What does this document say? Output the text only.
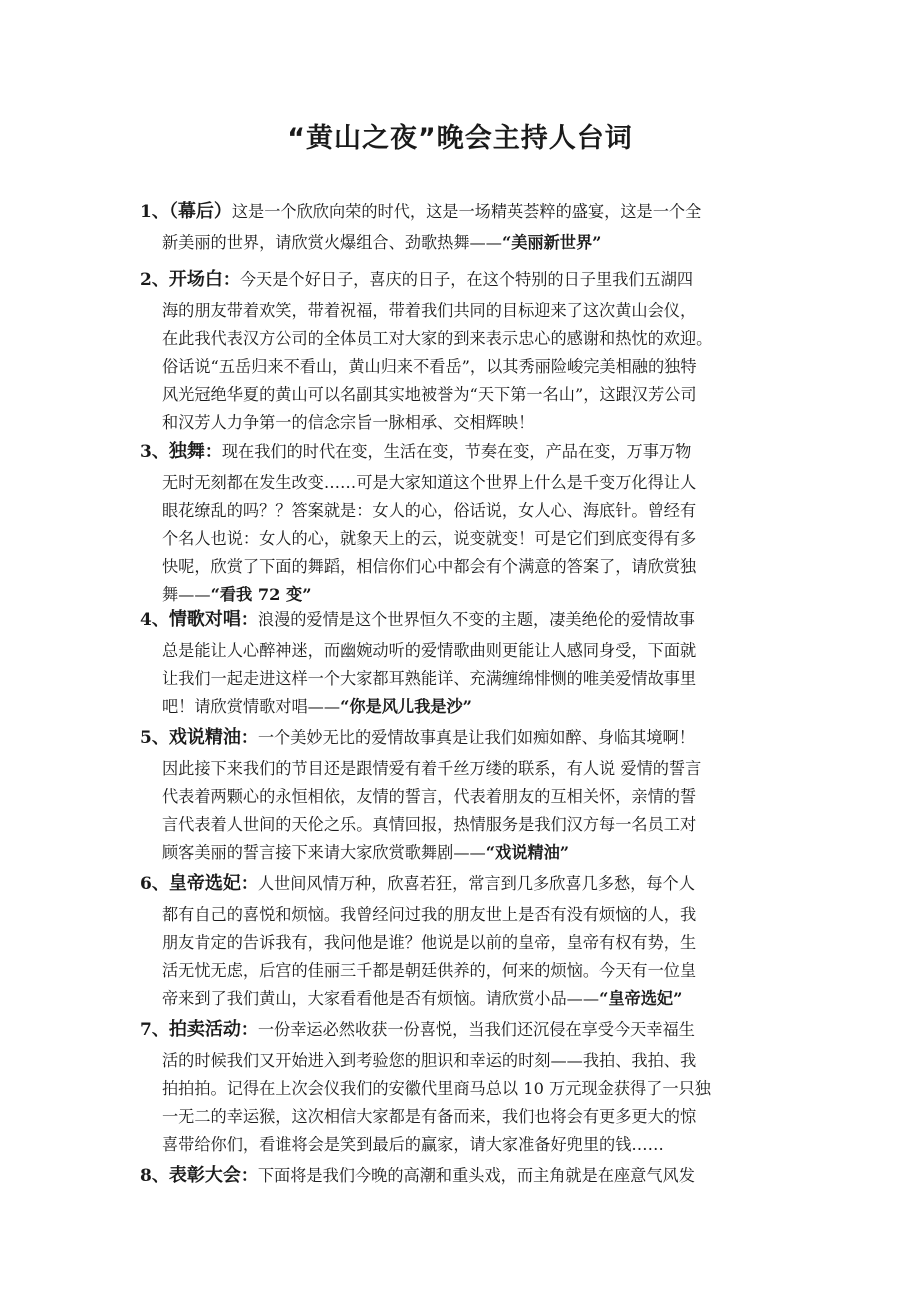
“黄山之夜”晚会主持人台词
1、（幕后）这是一个欣欣向荣的时代，这是一场精英荟粹的盛宴，这是一个全
新美丽的世界，请欣赏火爆组合、劲歌热舞——“美丽新世界”
2、开场白：今天是个好日子，喜庆的日子，在这个特别的日子里我们五湖四
海的朋友带着欢笑，带着祝福，带着我们共同的目标迎来了这次黄山会仪，
在此我代表汉方公司的全体员工对大家的到来表示忠心的感谢和热忱的欢迎。
俗话说“五岳归来不看山，黄山归来不看岳”，以其秀丽险峻完美相融的独特
风光冠绝华夏的黄山可以名副其实地被誉为“天下第一名山”，这跟汉芳公司
和汉芳人力争第一的信念宗旨一脉相承、交相辉映！
3、独舞：现在我们的时代在变，生活在变，节奏在变，产品在变，万事万物
无时无刻都在发生改变……可是大家知道这个世界上什么是千变万化得让人
眼花缭乱的吗？？答案就是：女人的心，俗话说，女人心、海底针。曾经有
个名人也说：女人的心，就象天上的云，说变就变！可是它们到底变得有多
快呢，欣赏了下面的舞蹈，相信你们心中都会有个满意的答案了，请欣赏独
舞——“看我 72 变”
4、情歌对唱：浪漫的爱情是这个世界恒久不变的主题，凄美绝伦的爱情故事
总是能让人心醉神迷，而幽婉动听的爱情歌曲则更能让人感同身受，下面就
让我们一起走进这样一个大家都耳熟能详、充满缠绵悱恻的唯美爱情故事里
吧！请欣赏情歌对唱——“你是风儿我是沙”
5、戏说精油：一个美妙无比的爱情故事真是让我们如痴如醉、身临其境啊！
因此接下来我们的节目还是跟情爱有着千丝万缕的联系，有人说 爱情的誓言
代表着两颗心的永恒相依，友情的誓言，代表着朋友的互相关怀，亲情的誓
言代表着人世间的天伦之乐。真情回报，热情服务是我们汉方每一名员工对
顾客美丽的誓言接下来请大家欣赏歌舞剧——“戏说精油”
6、皇帝选妃：人世间风情万种，欣喜若狂，常言到几多欣喜几多愁，每个人
都有自己的喜悦和烦恼。我曾经问过我的朋友世上是否有没有烦恼的人，我
朋友肯定的告诉我有，我问他是谁？他说是以前的皇帝，皇帝有权有势，生
活无忧无虑，后宫的佳丽三千都是朝廷供养的，何来的烦恼。今天有一位皇
帝来到了我们黄山，大家看看他是否有烦恼。请欣赏小品——“皇帝选妃”
7、拍卖活动：一份幸运必然收获一份喜悦，当我们还沉侵在享受今天幸福生
活的时候我们又开始进入到考验您的胆识和幸运的时刻——我拍、我拍、我
拍拍拍。记得在上次会仪我们的安徽代里商马总以 10 万元现金获得了一只独
一无二的幸运猴，这次相信大家都是有备而来，我们也将会有更多更大的惊
喜带给你们，看谁将会是笑到最后的赢家，请大家准备好兜里的钱……
8、表彰大会：下面将是我们今晚的高潮和重头戏，而主角就是在座意气风发
